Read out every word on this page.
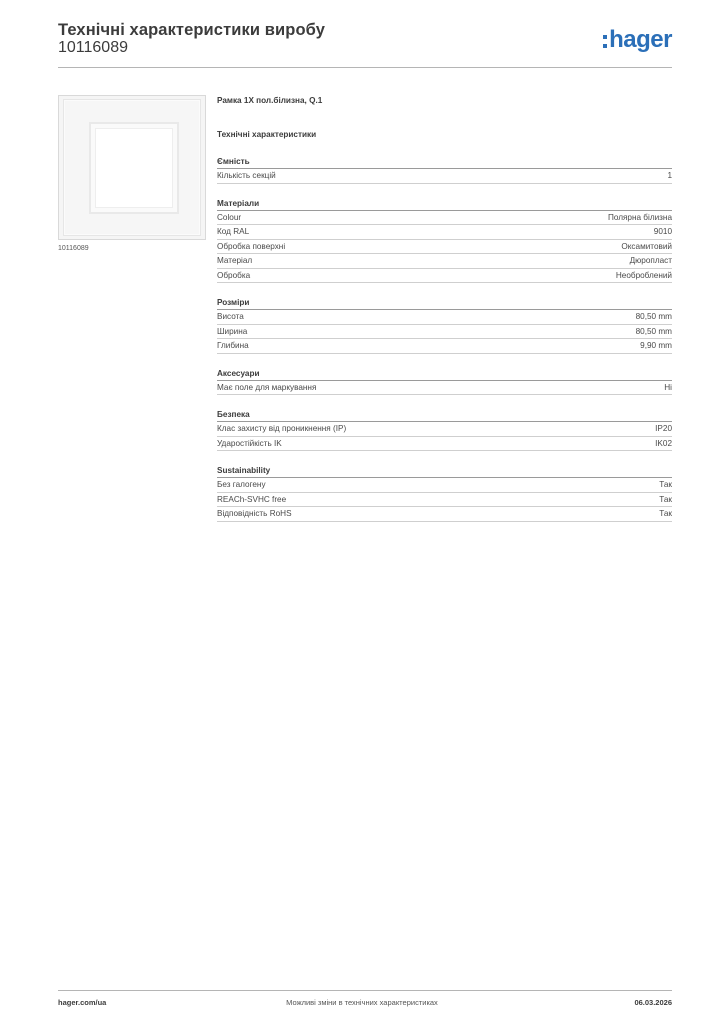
Технічні характеристики виробу
10116089	hager
10116089
Рамка 1X пол.білизна, Q.1
Технічні характеристики
Ємність
Кількість секцій	1
Матеріали
Colour	Полярна білизна
Код RAL	9010
Обробка поверхні	Оксамитовий
Матеріал	Дюропласт
Обробка	Необроблений
Розміри
Висота	80,50 mm
Ширина	80,50 mm
Глибина	9,90 mm
Аксесуари
Має поле для маркування	Ні
Безпека
Клас захисту від проникнення (IP)	IP20
Ударостійкість IK	IK02
Sustainability
Без галогену	Так
REACh-SVHC free	Так
Відповідність RoHS	Так
hager.com/ua	Можливі зміни в технічних характеристиках	06.03.2026
